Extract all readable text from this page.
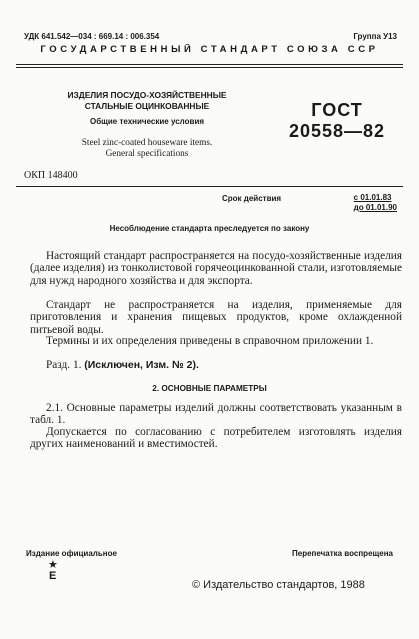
УДК 641.542—034 : 669.14 : 006.354	Группа У13
ГОСУДАРСТВЕННЫЙ СТАНДАРТ СОЮЗА ССР
ИЗДЕЛИЯ ПОСУДО-ХОЗЯЙСТВЕННЫЕ
СТАЛЬНЫЕ ОЦИНКОВАННЫЕ
Общие технические условия
Steel zinc-coated houseware items.
General specifications
ГОСТ
20558—82
ОКП 148400
Срок действия	с 01.01.83
до 01.01.90
Несоблюдение стандарта преследуется по закону
Настоящий стандарт распространяется на посудо-хозяйственные изделия (далее изделия) из тонколистовой горячеоцинкованной стали, изготовляемые для нужд народного хозяйства и для экспорта.
Стандарт не распространяется на изделия, применяемые для приготовления и хранения пищевых продуктов, кроме охлажденной питьевой воды.
Термины и их определения приведены в справочном приложении 1.
Разд. 1. (Исключен, Изм. № 2).
2. ОСНОВНЫЕ ПАРАМЕТРЫ
2.1. Основные параметры изделий должны соответствовать указанным в табл. 1.
Допускается по согласованию с потребителем изготовлять изделия других наименований и вместимостей.
Издание официальное	Перепечатка воспрещена
★
Е
© Издательство стандартов, 1988
